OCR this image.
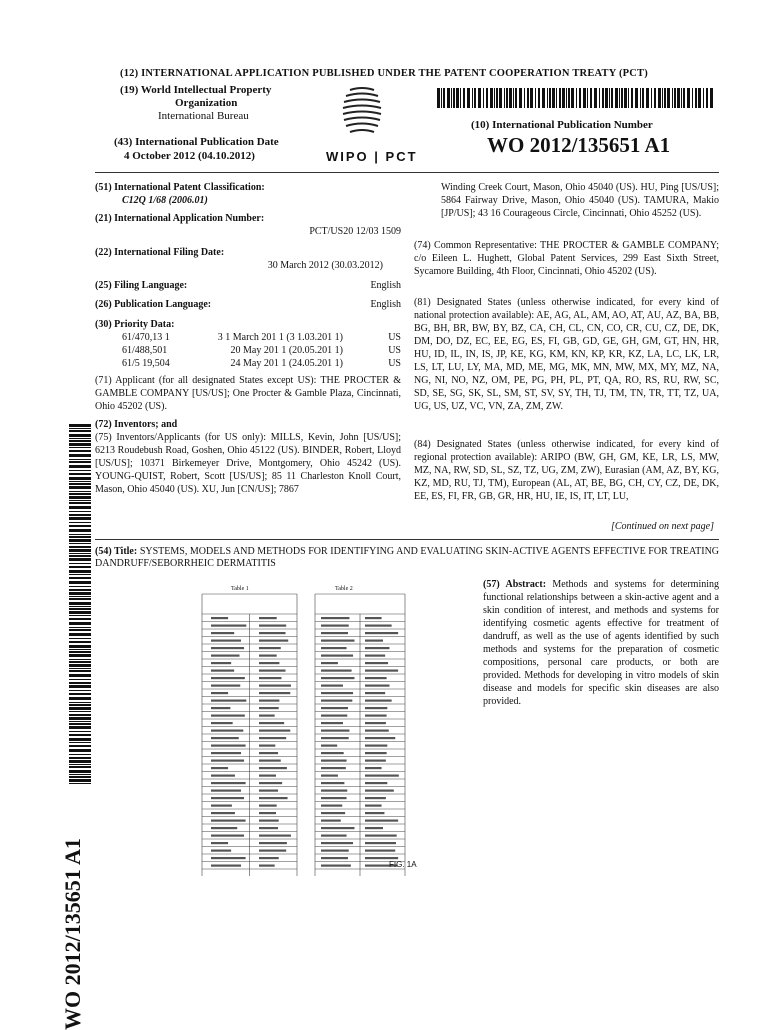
(12) INTERNATIONAL APPLICATION PUBLISHED UNDER THE PATENT COOPERATION TREATY (PCT)
(19) World Intellectual Property
Organization
International Bureau
WIPO | PCT
(43) International Publication Date
4 October 2012 (04.10.2012)
(10) International Publication Number
WO 2012/135651 A1
(51) International Patent Classification:
C12Q 1/68 (2006.01)
(21) International Application Number:
PCT/US20 12/03 1509
(22) International Filing Date:
30 March 2012 (30.03.2012)
(25) Filing Language:	English
(26) Publication Language:	English
(30) Priority Data:
61/470,13 1	3 1 March 201 1 (3 1.03.201 1)	US
61/488,501	20 May 201 1 (20.05.201 1)	US
61/5 19,504	24 May 201 1 (24.05.201 1)	US
(71) Applicant (for all designated States except US): THE PROCTER & GAMBLE COMPANY [US/US]; One Procter & Gamble Plaza, Cincinnati, Ohio 45202 (US).
(72) Inventors; and
(75) Inventors/Applicants (for US only): MILLS, Kevin, John [US/US]; 6213 Roudebush Road, Goshen, Ohio 45122 (US). BINDER, Robert, Lloyd [US/US]; 10371 Birkemeyer Drive, Montgomery, Ohio 45242 (US). YOUNG-QUIST, Robert, Scott [US/US]; 85 11 Charleston Knoll Court, Mason, Ohio 45040 (US). XU, Jun [CN/US]; 7867
Winding Creek Court, Mason, Ohio 45040 (US). HU, Ping [US/US]; 5864 Fairway Drive, Mason, Ohio 45040 (US). TAMURA, Makio [JP/US]; 43 16 Courageous Circle, Cincinnati, Ohio 45252 (US).
(74) Common Representative: THE PROCTER & GAMBLE COMPANY; c/o Eileen L. Hughett, Global Patent Services, 299 East Sixth Street, Sycamore Building, 4th Floor, Cincinnati, Ohio 45202 (US).
(81) Designated States (unless otherwise indicated, for every kind of national protection available): AE, AG, AL, AM, AO, AT, AU, AZ, BA, BB, BG, BH, BR, BW, BY, BZ, CA, CH, CL, CN, CO, CR, CU, CZ, DE, DK, DM, DO, DZ, EC, EE, EG, ES, FI, GB, GD, GE, GH, GM, GT, HN, HR, HU, ID, IL, IN, IS, JP, KE, KG, KM, KN, KP, KR, KZ, LA, LC, LK, LR, LS, LT, LU, LY, MA, MD, ME, MG, MK, MN, MW, MX, MY, MZ, NA, NG, NI, NO, NZ, OM, PE, PG, PH, PL, PT, QA, RO, RS, RU, RW, SC, SD, SE, SG, SK, SL, SM, ST, SV, SY, TH, TJ, TM, TN, TR, TT, TZ, UA, UG, US, UZ, VC, VN, ZA, ZM, ZW.
(84) Designated States (unless otherwise indicated, for every kind of regional protection available): ARIPO (BW, GH, GM, KE, LR, LS, MW, MZ, NA, RW, SD, SL, SZ, TZ, UG, ZM, ZW), Eurasian (AM, AZ, BY, KG, KZ, MD, RU, TJ, TM), European (AL, AT, BE, BG, CH, CY, CZ, DE, DK, EE, ES, FI, FR, GB, GR, HR, HU, IE, IS, IT, LT, LU,
[Continued on next page]
(54) Title: SYSTEMS, MODELS AND METHODS FOR IDENTIFYING AND EVALUATING SKIN-ACTIVE AGENTS EFFECTIVE FOR TREATING DANDRUFF/SEBORRHEIC DERMATITIS
Table 1	Table 2
FIG. 1A
(57) Abstract: Methods and systems for determining functional relationships between a skin-active agent and a skin condition of interest, and methods and systems for identifying cosmetic agents effective for treatment of dandruff, as well as the use of agents identified by such methods and systems for the preparation of cosmetic compositions, personal care products, or both are provided. Methods for developing in vitro models of skin disease and models for specific skin diseases are also provided.
WO 2012/135651 A1
